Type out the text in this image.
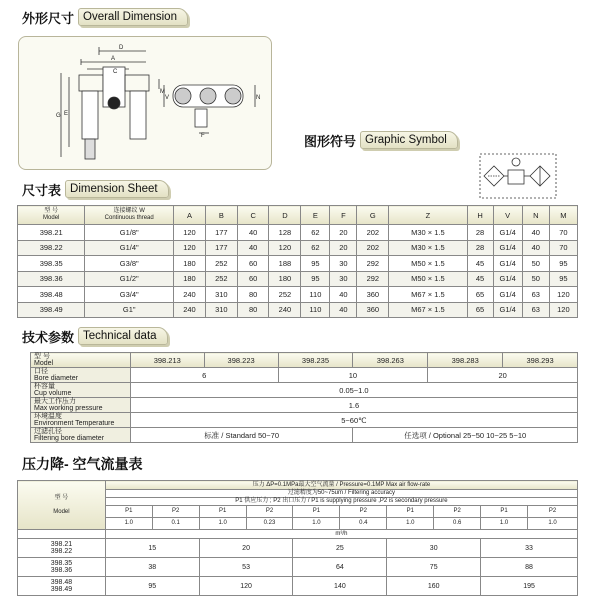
外形尺寸 Overall Dimension
D
A
C
G E
M
V	N
F	图形符号 Graphic Symbol
尺寸表 Dimension Sheet
型 号
Model	连接螺纹 W
Continuous thread	A	B	C	D	E	F	G	Z	H	V	N	M
398.21	G1/8"	120	177	40	128	62	20	202	M30 × 1.5	28	G1/4	40	70
398.22	G1/4"	120	177	40	120	62	20	202	M30 × 1.5	28	G1/4	40	70
398.35	G3/8"	180	252	60	188	95	30	292	M50 × 1.5	45	G1/4	50	95
398.36	G1/2"	180	252	60	180	95	30	292	M50 × 1.5	45	G1/4	50	95
398.48	G3/4"	240	310	80	252	110	40	360	M67 × 1.5	65	G1/4	63	120
398.49	G1"	240	310	80	240	110	40	360	M67 × 1.5	65	G1/4	63	120
技术参数 Technical data
型 号
Model	398.213	398.223	398.235	398.263	398.283	398.293
口径
Bore diameter	6		10		20	
杯容量
Cup volume	0.05~1.0					
最大工作压力
Max working pressure	1.6					
环境温度
Environment Temperature	5~60℃					
过滤孔径
Filtering bore diameter	标准 / Standard 50~70			任选项 / Optional 25~50 10~25 5~10		
压力降- 空气流量表
型 号

Model	压力 ΔP=0.1MPa最大空气流量 / Pressure=0.1MP Max air flow-rate									
	过滤精度为50~75um / Filtering accuracy									
	P1 供应压力 ; P2 出口压力 / P1 is supplying pressure ,P2 is secondary pressure									
	P1	P2	P1	P2	P1	P2	P1	P2	P1	P2
	1.0	0.1	1.0	0.23	1.0	0.4	1.0	0.6	1.0	1.0
	m³/h									
398.21
398.22	15		20		25		30		33	
398.35
398.36	38		53		64		75		88	
398.48
398.49	95		120		140		160		195	
